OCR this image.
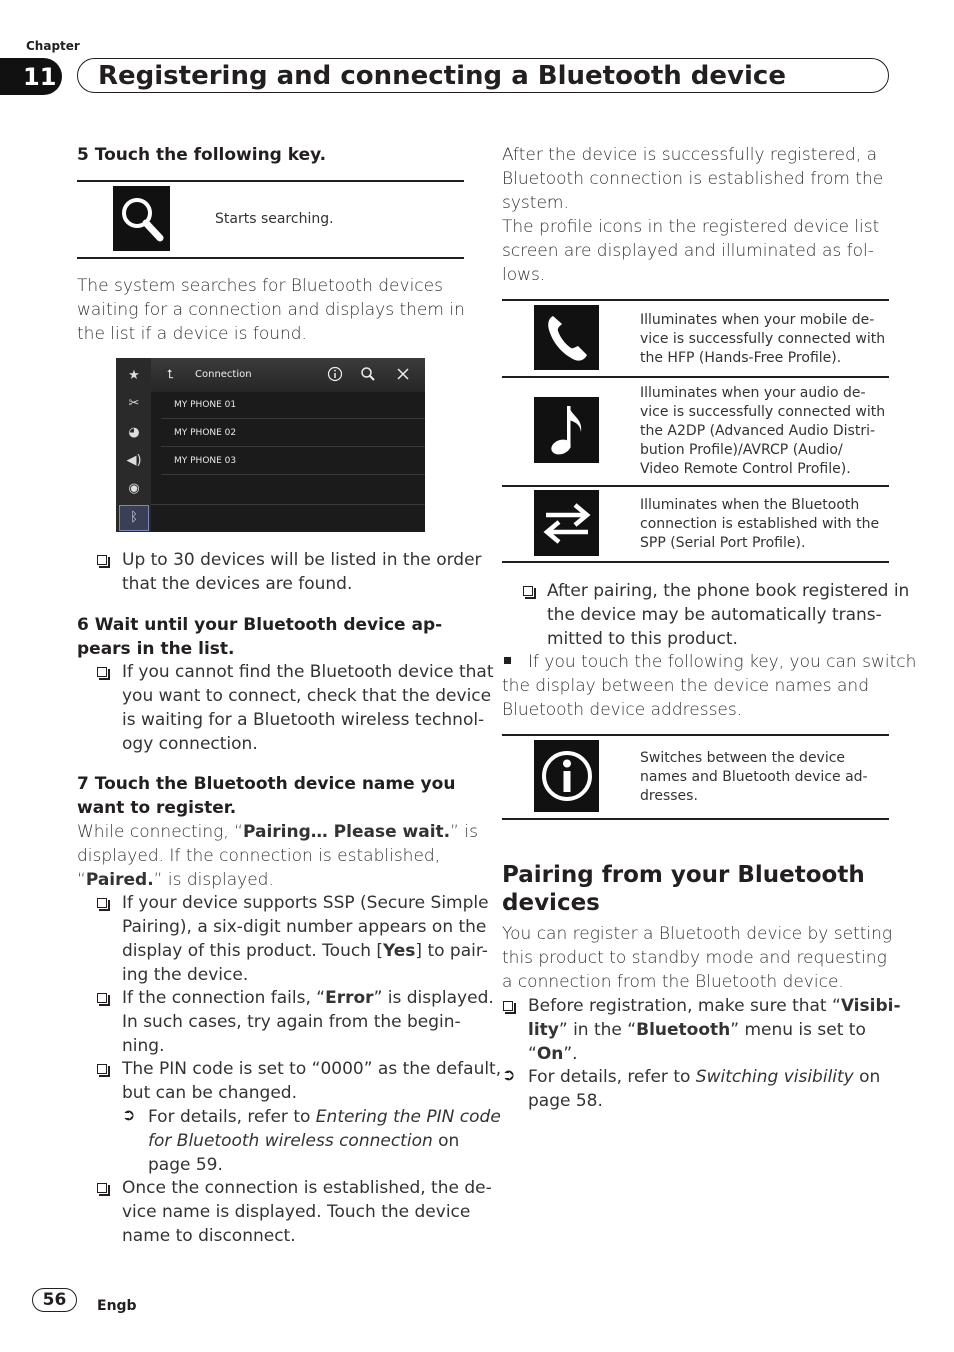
Chapter
11 Registering and connecting a Bluetooth device
5 Touch the following key.
Starts searching.
The system searches for Bluetooth devices
waiting for a connection and displays them in
the list if a device is found.
★
✂
◕
◀)
◉
ᛒ
⮤ Connection
MY PHONE 01
MY PHONE 02
MY PHONE 03
Up to 30 devices will be listed in the order
that the devices are found.
6 Wait until your Bluetooth device ap-
pears in the list.
If you cannot find the Bluetooth device that
you want to connect, check that the device
is waiting for a Bluetooth wireless technol-
ogy connection.
7 Touch the Bluetooth device name you
want to register.
While connecting, “Pairing… Please wait.” is
displayed. If the connection is established,
“Paired.” is displayed.
If your device supports SSP (Secure Simple
Pairing), a six-digit number appears on the
display of this product. Touch [Yes] to pair-
ing the device.
If the connection fails, “Error” is displayed.
In such cases, try again from the begin-
ning.
The PIN code is set to “0000” as the default,
but can be changed.
➲ For details, refer to Entering the PIN code
for Bluetooth wireless connection on
page 59.
Once the connection is established, the de-
vice name is displayed. Touch the device
name to disconnect.
After the device is successfully registered, a
Bluetooth connection is established from the
system.
The profile icons in the registered device list
screen are displayed and illuminated as fol-
lows.
Illuminates when your mobile de-
vice is successfully connected with
the HFP (Hands-Free Profile).
Illuminates when your audio de-
vice is successfully connected with
the A2DP (Advanced Audio Distri-
bution Profile)/AVRCP (Audio/
Video Remote Control Profile).
Illuminates when the Bluetooth
connection is established with the
SPP (Serial Port Profile).
After pairing, the phone book registered in
the device may be automatically trans-
mitted to this product.
If you touch the following key, you can switch
the display between the device names and
Bluetooth device addresses.
Switches between the device
names and Bluetooth device ad-
dresses.
Pairing from your Bluetooth
devices
You can register a Bluetooth device by setting
this product to standby mode and requesting
a connection from the Bluetooth device.
Before registration, make sure that “Visibi-
lity” in the “Bluetooth” menu is set to
“On”.
➲ For details, refer to Switching visibility on
page 58.
56 Engb
